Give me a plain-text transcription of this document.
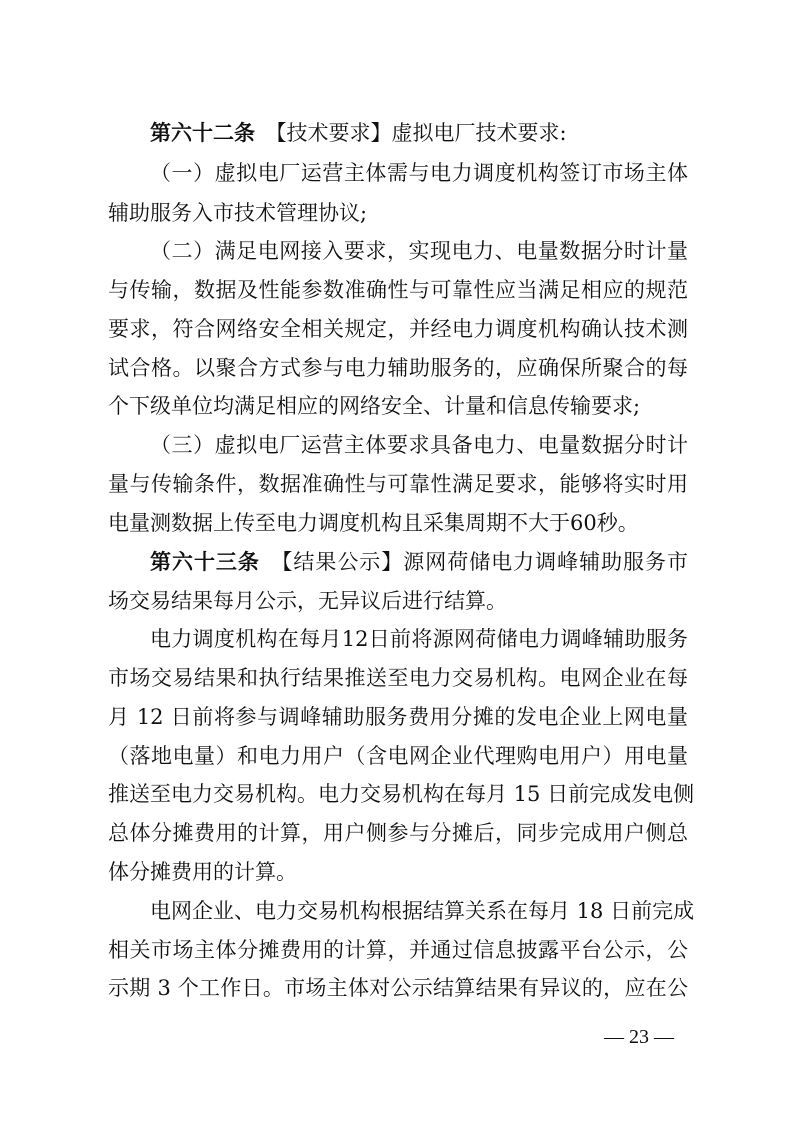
第六十二条　 【技术要求】虚拟电厂技术要求:
（一）虚拟电厂运营主体需与电力调度机构签订市场主体
辅助服务入市技术管理协议;
（二）满足电网接入要求，实现电力、电量数据分时计量
与传输，数据及性能参数准确性与可靠性应当满足相应的规范
要求，符合网络安全相关规定，并经电力调度机构确认技术测
试合格。以聚合方式参与电力辅助服务的，应确保所聚合的每
个下级单位均满足相应的网络安全、计量和信息传输要求;
（三）虚拟电厂运营主体要求具备电力、电量数据分时计
量与传输条件，数据准确性与可靠性满足要求，能够将实时用
电量测数据上传至电力调度机构且采集周期不大于60秒。
第六十三条　 【结果公示】源网荷储电力调峰辅助服务市
场交易结果每月公示，无异议后进行结算。
电力调度机构在每月12日前将源网荷储电力调峰辅助服务
市场交易结果和执行结果推送至电力交易机构。电网企业在每
月 12 日前将参与调峰辅助服务费用分摊的发电企业上网电量
（落地电量）和电力用户（含电网企业代理购电用户）用电量
推送至电力交易机构。电力交易机构在每月 15 日前完成发电侧
总体分摊费用的计算，用户侧参与分摊后，同步完成用户侧总
体分摊费用的计算。
电网企业、电力交易机构根据结算关系在每月 18 日前完成
相关市场主体分摊费用的计算，并通过信息披露平台公示，公
示期 3 个工作日。市场主体对公示结算结果有异议的，应在公
— 23 —
